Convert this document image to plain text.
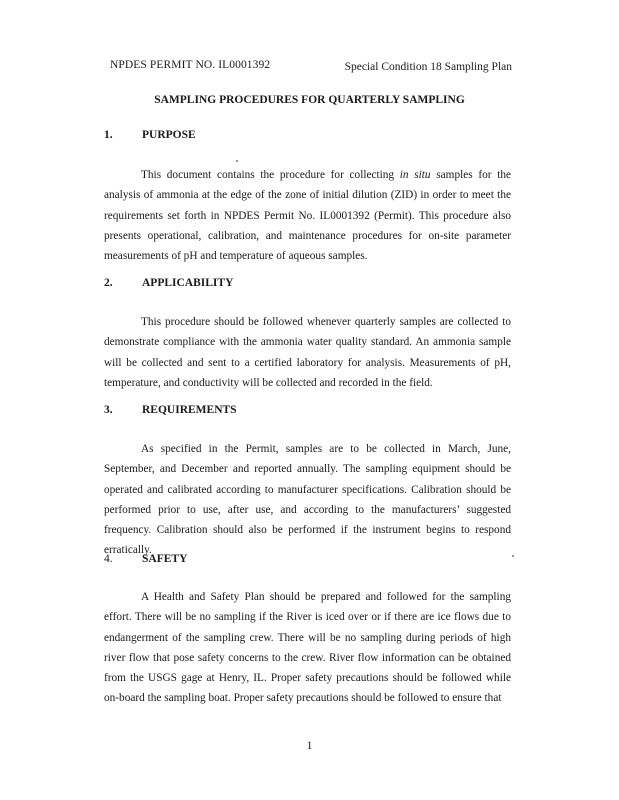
NPDES PERMIT NO. IL0001392	Special Condition 18 Sampling Plan
SAMPLING PROCEDURES FOR QUARTERLY SAMPLING
1.	PURPOSE

This document contains the procedure for collecting in situ samples for the analysis of ammonia at the edge of the zone of initial dilution (ZID) in order to meet the requirements set forth in NPDES Permit No. IL0001392 (Permit). This procedure also presents operational, calibration, and maintenance procedures for on-site parameter measurements of pH and temperature of aqueous samples.

2.	APPLICABILITY

This procedure should be followed whenever quarterly samples are collected to demonstrate compliance with the ammonia water quality standard. An ammonia sample will be collected and sent to a certified laboratory for analysis. Measurements of pH, temperature, and conductivity will be collected and recorded in the field.

3.	REQUIREMENTS

As specified in the Permit, samples are to be collected in March, June, September, and December and reported annually. The sampling equipment should be operated and calibrated according to manufacturer specifications. Calibration should be performed prior to use, after use, and according to the manufacturers’ suggested frequency. Calibration should also be performed if the instrument begins to respond erratically.

4.	SAFETY

A Health and Safety Plan should be prepared and followed for the sampling effort. There will be no sampling if the River is iced over or if there are ice flows due to endangerment of the sampling crew. There will be no sampling during periods of high river flow that pose safety concerns to the crew. River flow information can be obtained from the USGS gage at Henry, IL. Proper safety precautions should be followed while on-board the sampling boat. Proper safety precautions should be followed to ensure that

1
